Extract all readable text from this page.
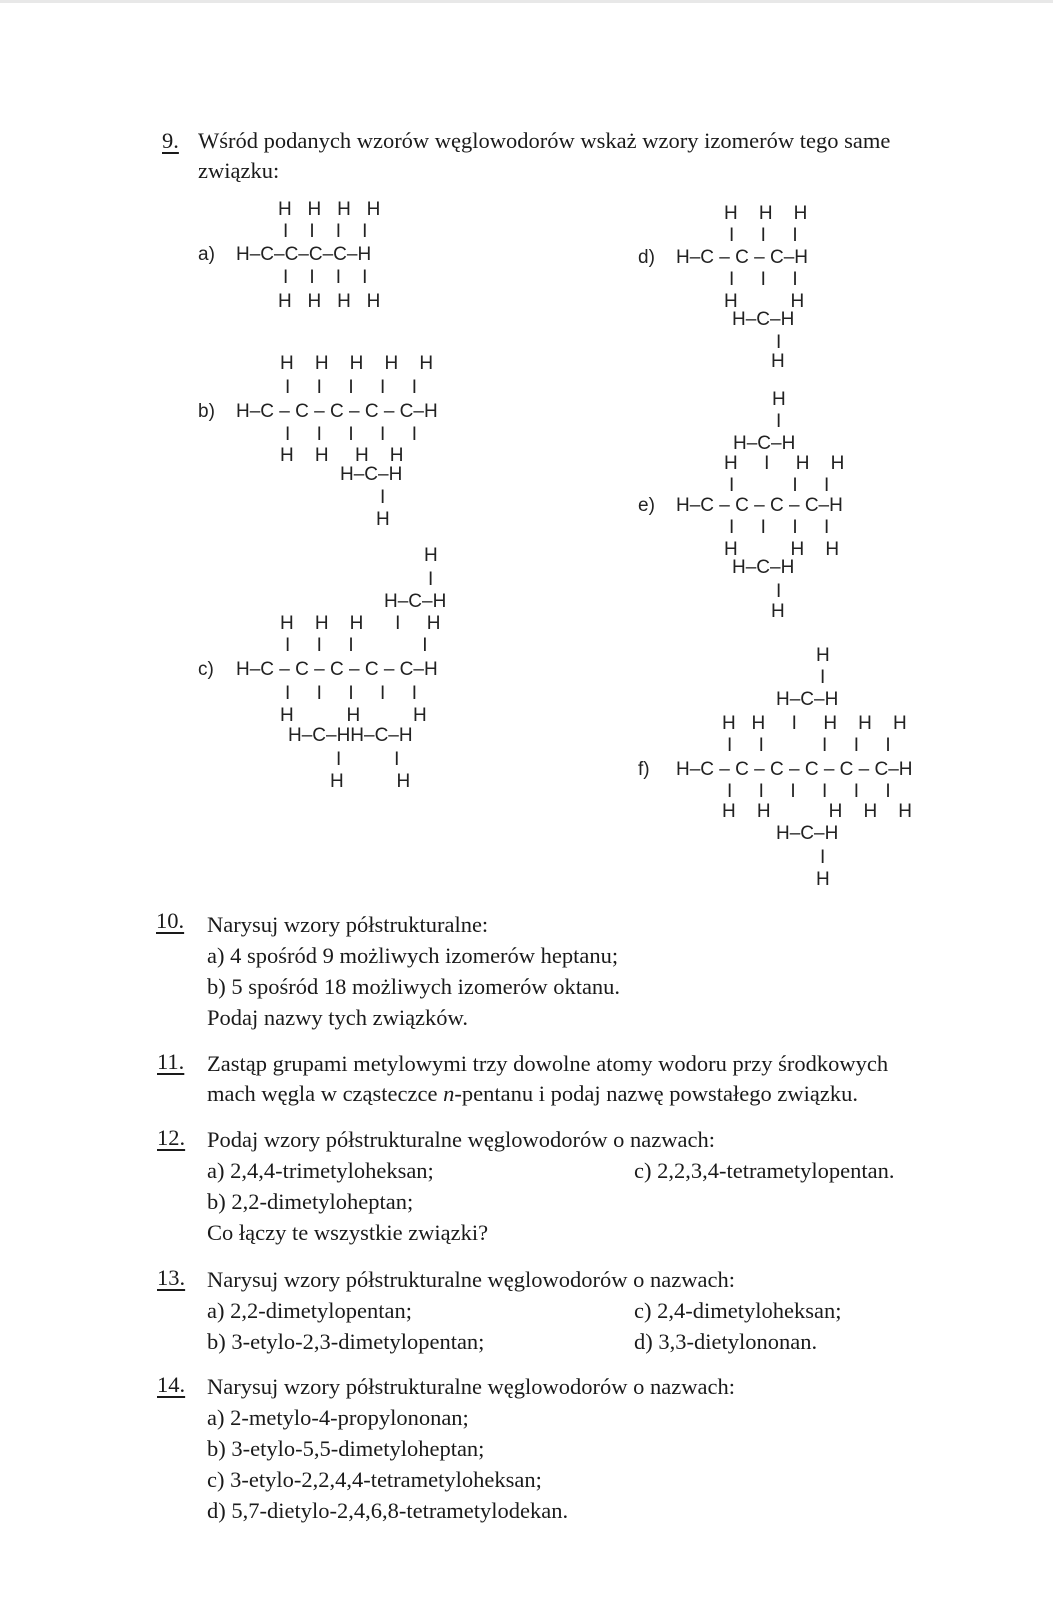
9. Wśród podanych wzorów węglowodorów wskaż wzory izomerów tego same
związku:
a)
H   H   H   H
I    I    I    I
H–C–C–C–C–H
I    I    I    I
H   H   H   H
b)
H    H    H    H    H
I     I     I     I     I
H–C – C – C – C – C–H
I     I     I     I     I
H    H     H    H
H–C–H
I
H
c)
H
I
H–C–H
H    H    H      I     H
I     I     I             I
H–C – C – C – C – C–H
I     I     I     I     I
H          H          H
H–C–HH–C–H
I          I
H          H
d)
H    H    H
I     I     I
H–C – C – C–H
I     I     I
H          H
H–C–H
I
H
e)
H
I
H–C–H
H     I     H    H
I           I     I
H–C – C – C – C–H
I     I     I     I
H          H    H
H–C–H
I
H
f)
H
I
H–C–H
H   H     I     H    H    H
I     I           I     I     I
H–C – C – C – C – C – C–H
I     I     I     I     I     I
H    H           H    H    H
H–C–H
I
H
10. Narysuj wzory półstrukturalne:
a) 4 spośród 9 możliwych izomerów heptanu;
b) 5 spośród 18 możliwych izomerów oktanu.
Podaj nazwy tych związków.
11. Zastąp grupami metylowymi trzy dowolne atomy wodoru przy środkowych
mach węgla w cząsteczce n-pentanu i podaj nazwę powstałego związku.
12. Podaj wzory półstrukturalne węglowodorów o nazwach:
a) 2,4,4-trimetyloheksan;	c) 2,2,3,4-tetrametylopentan.
b) 2,2-dimetyloheptan;
Co łączy te wszystkie związki?
13. Narysuj wzory półstrukturalne węglowodorów o nazwach:
a) 2,2-dimetylopentan;	c) 2,4-dimetyloheksan;
b) 3-etylo-2,3-dimetylopentan;	d) 3,3-dietylononan.
14. Narysuj wzory półstrukturalne węglowodorów o nazwach:
a) 2-metylo-4-propylononan;
b) 3-etylo-5,5-dimetyloheptan;
c) 3-etylo-2,2,4,4-tetrametyloheksan;
d) 5,7-dietylo-2,4,6,8-tetrametylodekan.
